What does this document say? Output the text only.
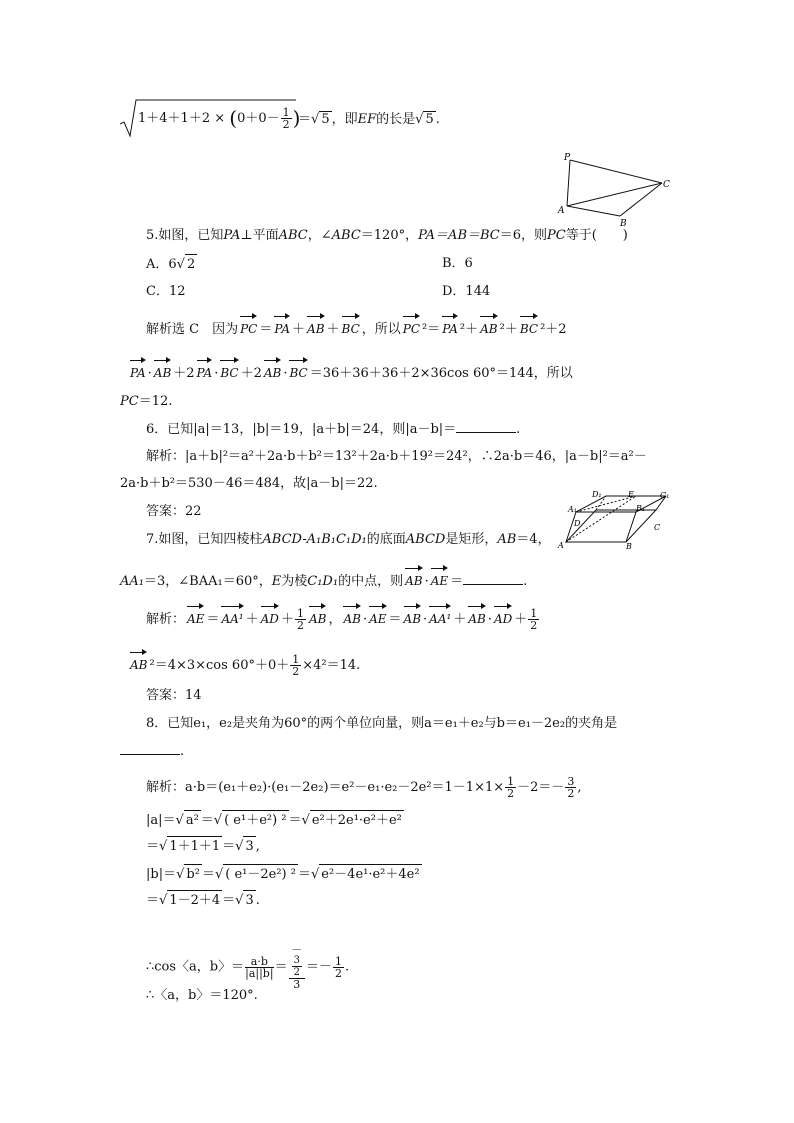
$1+4+1+2 \times (0+0- \frac{1}{2}$ )
＝ √ 5 ，即EF的长是 √ 5 .
P
A
B
C
5.如图，已知PA⊥平面ABC，∠ABC＝120°，PA＝AB＝BC＝6，则PC等于(　　)
A．6 √ 2	B．6
C．12	D．144
解析选 C　因为 PC ＝ PA ＋ AB ＋ BC ，所以 PC ²＝ PA ²＋ AB ²＋ BC ²＋2
PA · AB ＋2 PA · BC ＋2 AB · BC ＝36＋36＋36＋2×36cos 60°＝144，所以
PC＝12.
6．已知|a|＝13，|b|＝19，|a＋b|＝24，则|a－b|＝	.
解析：|a＋b|²＝a²＋2a·b＋b²＝13²＋2a·b＋19²＝24²，∴2a·b＝46，|a－b|²＝a²－
2a·b＋b²＝530－46＝484，故|a－b|＝22.
答案：22
D₁	E	C₁
A₁	B₁
D	C
A	B
7.如图，已知四棱柱ABCD-A₁B₁C₁D₁的底面ABCD是矩形，AB＝4，
AA₁＝3，∠BAA₁＝60°，E为棱C₁D₁的中点，则 AB · AE ＝	.
解析： AE ＝ AA¹ ＋ AD ＋ $\frac{1}{2}$ AB ， AB · AE ＝ AB · AA¹ ＋ AB · AD ＋ $\frac{1}{2}$
AB ²＝4×3×cos $60^\circ+0+ \frac{1}{2} \times 4^2=14$.
答案：14
8．已知e₁，e₂是夹角为60°的两个单位向量，则a＝e₁＋e₂与b＝e₁－2e₂的夹角是
.
解析：$a\cdot b=(e_1+e_2)\cdot(e_1-2e_2)=e^2-e_1\cdot e_2-2e^2=1-1\times 1\times \frac{1}{2} -2=- \frac{3}{2}$ ,
|a|＝ √ a² ＝ √ ( e¹＋e²) ² ＝ √ e²＋2e¹·e²＋e²
＝ √ 1＋1＋1 ＝ √ 3 ,
|b|＝ √ b² ＝ √ ( e¹－2e²) ² ＝ √ e²－4e¹·e²＋4e²
＝ √ 1－2＋4 ＝ √ 3 .
∴cos〈a，b〉＝ $\frac{a\cdot b}{|a||b|}$ ＝ －
3
2
$3 =- \frac{1}{2}$ .
∴〈a，b〉＝120°.
